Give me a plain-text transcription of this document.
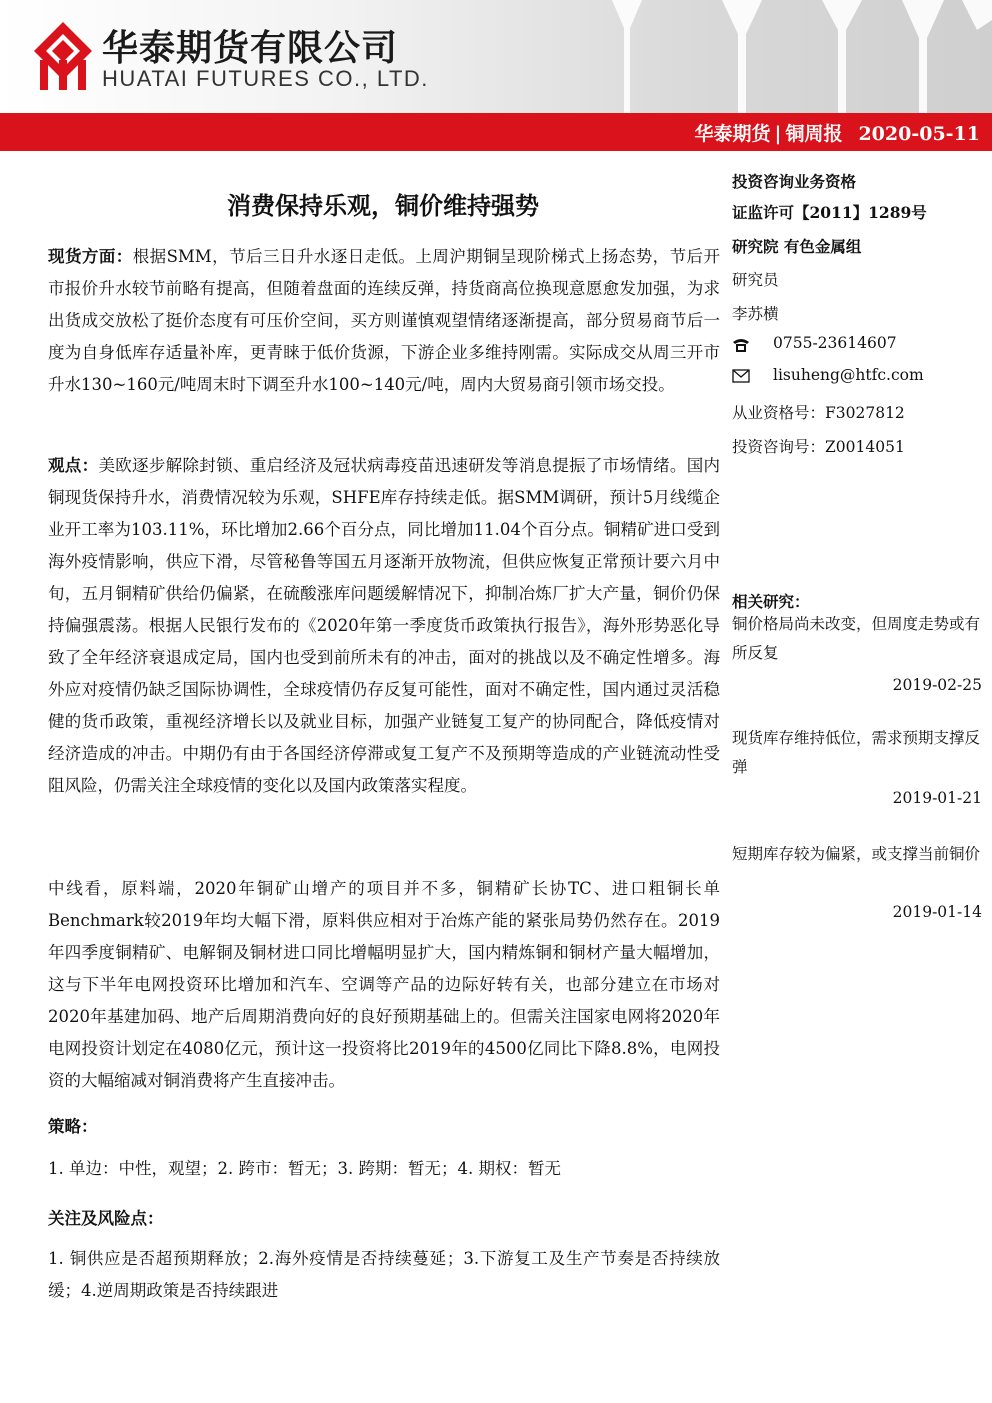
华泰期货有限公司
HUATAI FUTURES CO., LTD.
华泰期货 | 铜周报 2020-05-11
消费保持乐观，铜价维持强势

现货方面：根据SMM，节后三日升水逐日走低。上周沪期铜呈现阶梯式上扬态势，节后开市报价升水较节前略有提高，但随着盘面的连续反弹，持货商高位换现意愿愈发加强，为求出货成交放松了挺价态度有可压价空间，买方则谨慎观望情绪逐渐提高，部分贸易商节后一度为自身低库存适量补库，更青睐于低价货源，下游企业多维持刚需。实际成交从周三开市升水130~160元/吨周末时下调至升水100~140元/吨，周内大贸易商引领市场交投。

观点：美欧逐步解除封锁、重启经济及冠状病毒疫苗迅速研发等消息提振了市场情绪。国内铜现货保持升水，消费情况较为乐观，SHFE库存持续走低。据SMM调研，预计5月线缆企业开工率为103.11%，环比增加2.66个百分点，同比增加11.04个百分点。铜精矿进口受到海外疫情影响，供应下滑，尽管秘鲁等国五月逐渐开放物流，但供应恢复正常预计要六月中旬，五月铜精矿供给仍偏紧，在硫酸涨库问题缓解情况下，抑制冶炼厂扩大产量，铜价仍保持偏强震荡。根据人民银行发布的《2020年第一季度货币政策执行报告》，海外形势恶化导致了全年经济衰退成定局，国内也受到前所未有的冲击，面对的挑战以及不确定性增多。海外应对疫情仍缺乏国际协调性，全球疫情仍存反复可能性，面对不确定性，国内通过灵活稳健的货币政策，重视经济增长以及就业目标，加强产业链复工复产的协同配合，降低疫情对经济造成的冲击。中期仍有由于各国经济停滞或复工复产不及预期等造成的产业链流动性受阻风险，仍需关注全球疫情的变化以及国内政策落实程度。

中线看，原料端，2020年铜矿山增产的项目并不多，铜精矿长协TC、进口粗铜长单Benchmark较2019年均大幅下滑，原料供应相对于冶炼产能的紧张局势仍然存在。2019年四季度铜精矿、电解铜及铜材进口同比增幅明显扩大，国内精炼铜和铜材产量大幅增加，这与下半年电网投资环比增加和汽车、空调等产品的边际好转有关，也部分建立在市场对2020年基建加码、地产后周期消费向好的良好预期基础上的。但需关注国家电网将2020年电网投资计划定在4080亿元，预计这一投资将比2019年的4500亿同比下降8.8%，电网投资的大幅缩减对铜消费将产生直接冲击。

策略：

1. 单边：中性，观望；2. 跨市：暂无；3. 跨期：暂无；4. 期权：暂无

关注及风险点：

1. 铜供应是否超预期释放；2.海外疫情是否持续蔓延；3.下游复工及生产节奏是否持续放缓；4.逆周期政策是否持续跟进

投资咨询业务资格
证监许可【2011】1289号
研究院 有色金属组
研究员
李苏横
0755-23614607
lisuheng@htfc.com
从业资格号：F3027812
投资咨询号：Z0014051
相关研究：
铜价格局尚未改变，但周度走势或有所反复
2019-02-25
现货库存维持低位，需求预期支撑反弹
2019-01-21
短期库存较为偏紧，或支撑当前铜价
2019-01-14
